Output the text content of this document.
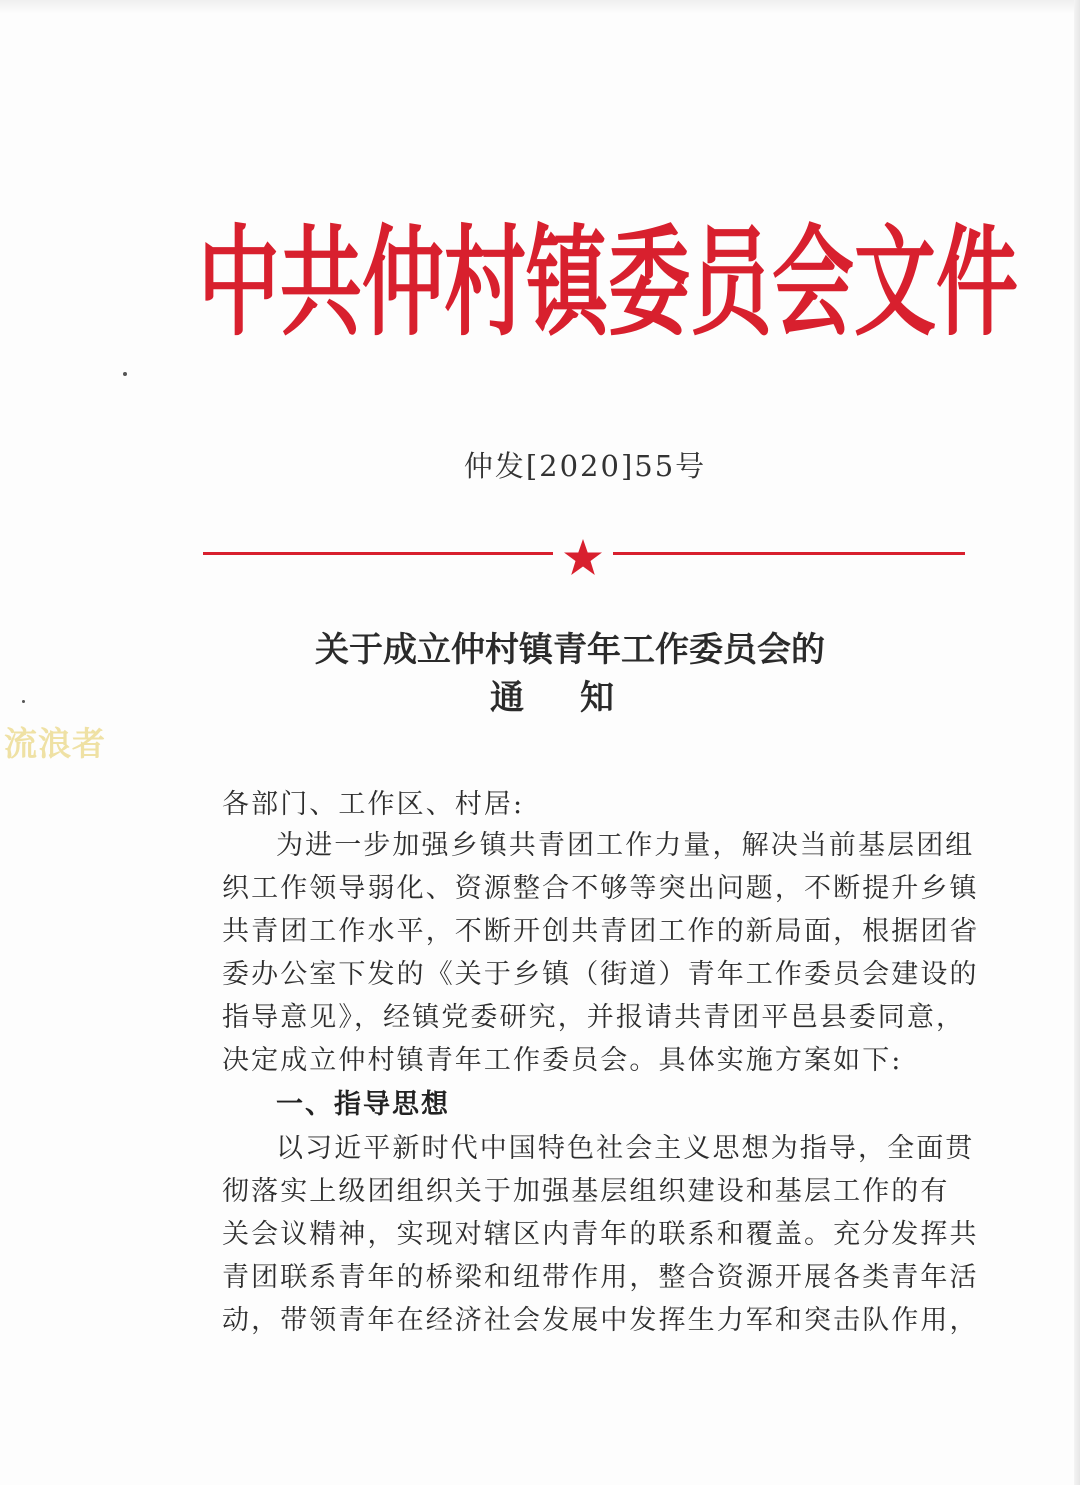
中共仲村镇委员会文件
仲发[2020]55号
关于成立仲村镇青年工作委员会的
通知
流浪者
各部门、工作区、村居:
为进一步加强乡镇共青团工作力量，解决当前基层团组
织工作领导弱化、资源整合不够等突出问题，不断提升乡镇
共青团工作水平，不断开创共青团工作的新局面，根据团省
委办公室下发的《关于乡镇（街道）青年工作委员会建设的
指导意见》，经镇党委研究，并报请共青团平邑县委同意，
决定成立仲村镇青年工作委员会。具体实施方案如下:
一、指导思想
以习近平新时代中国特色社会主义思想为指导，全面贯
彻落实上级团组织关于加强基层组织建设和基层工作的有
关会议精神，实现对辖区内青年的联系和覆盖。充分发挥共
青团联系青年的桥梁和纽带作用，整合资源开展各类青年活
动，带领青年在经济社会发展中发挥生力军和突击队作用，
